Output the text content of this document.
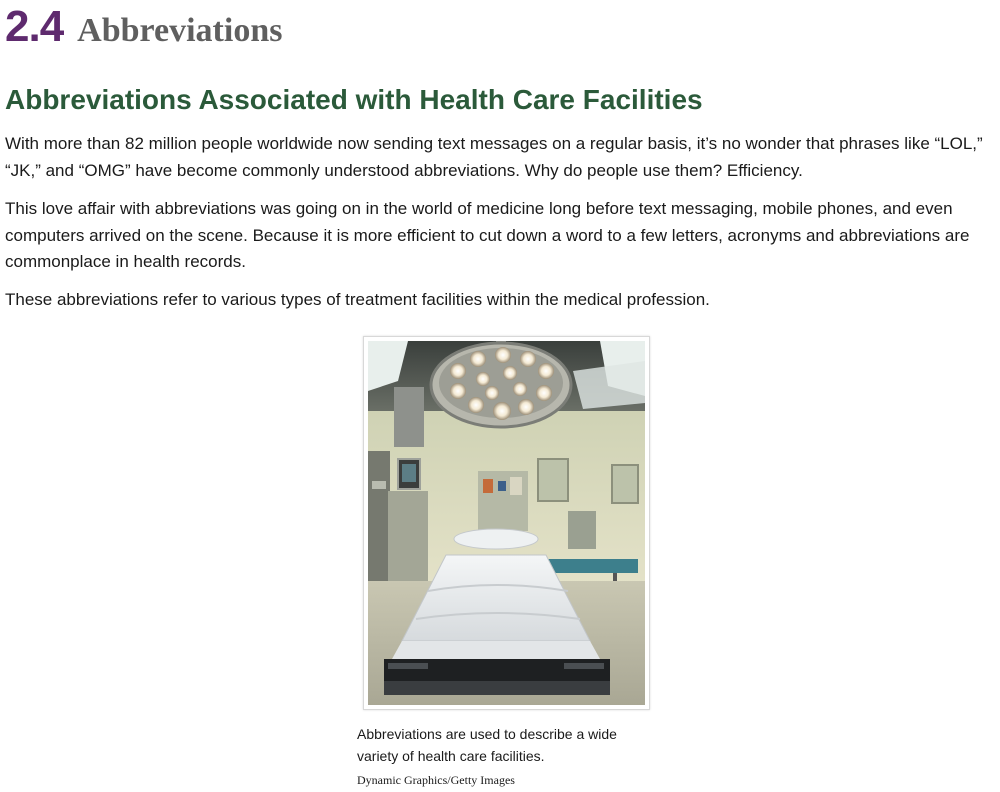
2.4 Abbreviations
Abbreviations Associated with Health Care Facilities

With more than 82 million people worldwide now sending text messages on a regular basis, it’s no wonder that phrases like “LOL,” “JK,” and “OMG” have become commonly understood abbreviations. Why do people use them? Efficiency.

This love affair with abbreviations was going on in the world of medicine long before text messaging, mobile phones, and even computers arrived on the scene. Because it is more efficient to cut down a word to a few letters, acronyms and abbreviations are commonplace in health records.

These abbreviations refer to various types of treatment facilities within the medical profession.

Abbreviations are used to describe a wide variety of health care facilities.

Dynamic Graphics/Getty Images
